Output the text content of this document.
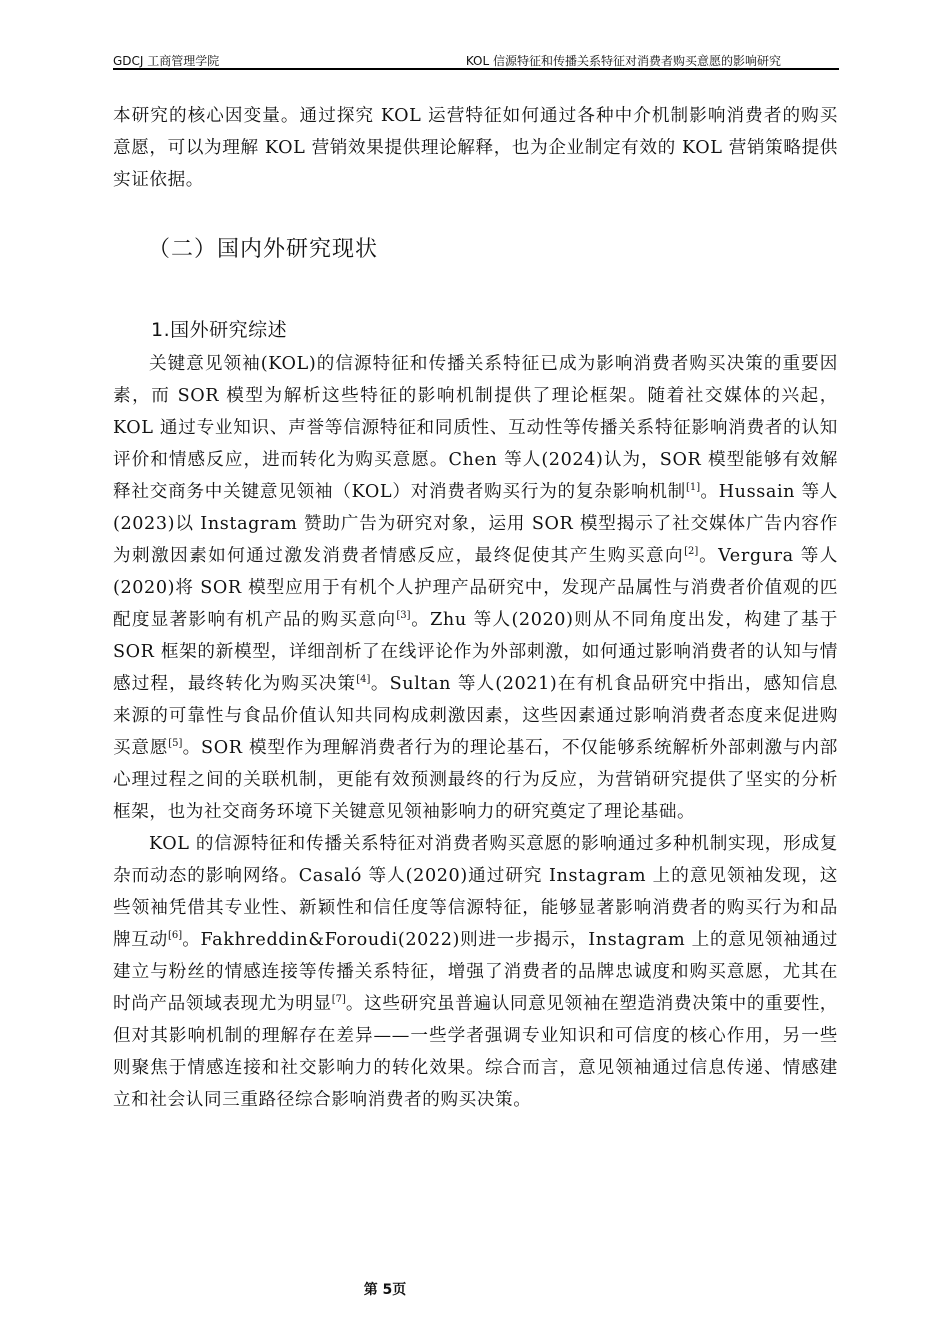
GDCJ 工商管理学院	KOL 信源特征和传播关系特征对消费者购买意愿的影响研究

本研究的核心因变量。通过探究 KOL 运营特征如何通过各种中介机制影响消费者的购买意愿，可以为理解 KOL 营销效果提供理论解释，也为企业制定有效的 KOL 营销策略提供实证依据。

（二）国内外研究现状
1.国外研究综述

关键意见领袖(KOL)的信源特征和传播关系特征已成为影响消费者购买决策的重要因素，而 SOR 模型为解析这些特征的影响机制提供了理论框架。随着社交媒体的兴起，KOL 通过专业知识、声誉等信源特征和同质性、互动性等传播关系特征影响消费者的认知评价和情感反应，进而转化为购买意愿。Chen 等人(2024)认为，SOR 模型能够有效解释社交商务中关键意见领袖（KOL）对消费者购买行为的复杂影响机制[1]。Hussain 等人(2023)以 Instagram 赞助广告为研究对象，运用 SOR 模型揭示了社交媒体广告内容作为刺激因素如何通过激发消费者情感反应，最终促使其产生购买意向[2]。Vergura 等人(2020)将 SOR 模型应用于有机个人护理产品研究中，发现产品属性与消费者价值观的匹配度显著影响有机产品的购买意向[3]。Zhu 等人(2020)则从不同角度出发，构建了基于 SOR 框架的新模型，详细剖析了在线评论作为外部刺激，如何通过影响消费者的认知与情感过程，最终转化为购买决策[4]。Sultan 等人(2021)在有机食品研究中指出，感知信息来源的可靠性与食品价值认知共同构成刺激因素，这些因素通过影响消费者态度来促进购买意愿[5]。SOR 模型作为理解消费者行为的理论基石，不仅能够系统解析外部刺激与内部心理过程之间的关联机制，更能有效预测最终的行为反应，为营销研究提供了坚实的分析框架，也为社交商务环境下关键意见领袖影响力的研究奠定了理论基础。

KOL 的信源特征和传播关系特征对消费者购买意愿的影响通过多种机制实现，形成复杂而动态的影响网络。Casaló 等人(2020)通过研究 Instagram 上的意见领袖发现，这些领袖凭借其专业性、新颖性和信任度等信源特征，能够显著影响消费者的购买行为和品牌互动[6]。Fakhreddin&Foroudi(2022)则进一步揭示，Instagram 上的意见领袖通过建立与粉丝的情感连接等传播关系特征，增强了消费者的品牌忠诚度和购买意愿，尤其在时尚产品领域表现尤为明显[7]。这些研究虽普遍认同意见领袖在塑造消费决策中的重要性，但对其影响机制的理解存在差异——一些学者强调专业知识和可信度的核心作用，另一些则聚焦于情感连接和社交影响力的转化效果。综合而言，意见领袖通过信息传递、情感建立和社会认同三重路径综合影响消费者的购买决策。

第 5页
